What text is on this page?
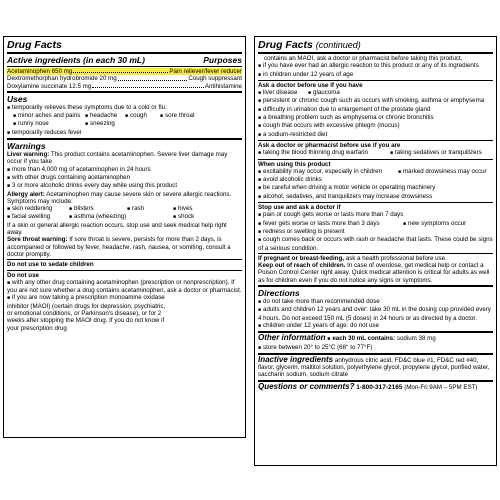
Drug Facts
Active ingredients (in each 30 mL)	Purposes
Acetaminophen 650 mg	Pain reliever/fever reducer
Dextromethorphan hydrobromide 20 mg	Cough suppressant
Doxylamine succinate 12.5 mg	Antihistamine
Uses
■ temporarily relieves these symptoms due to a cold or flu:
■ minor aches and pains	■ headache	■ cough	■ sore throat
■ runny nose	■ sneezing
■ temporarily reduces fever
Warnings
Liver warning: This product contains acetaminophen. Severe liver damage may occur if you take
■ more than 4,000 mg of acetaminophen in 24 hours
■ with other drugs containing acetaminophen
■ 3 or more alcoholic drinks every day while using this product
Allergy alert: Acetaminophen may cause severe skin or severe allergic reactions. Symptoms may include:
■ skin reddening	■ blisters	■ rash	■ hives
■ facial swelling	■ asthma (wheezing)	■ shock
If a skin or general allergic reaction occurs, stop use and seek medical help right away.
Sore throat warning: If sore throat is severe, persists for more than 2 days, is accompanied or followed by fever, headache, rash, nausea, or vomiting, consult a doctor promptly.
Do not use to sedate children
Do not use
■ with any other drug containing acetaminophen (prescription or nonprescription). If you are not sure whether a drug contains acetaminophen, ask a doctor or pharmacist.
■ if you are now taking a prescription monoamine oxidase inhibitor (MAOI) (certain drugs for depression, psychiatric, or emotional conditions, or Parkinson's disease), or for 2 weeks after stopping the MAOI drug. If you do not know if your prescription drug
Drug Facts (continued)
contains an MAOI, ask a doctor or pharmacist before taking this product.
■ if you have ever had an allergic reaction to this product or any of its ingredients
■ in children under 12 years of age
Ask a doctor before use if you have
■ liver disease	■ glaucoma
■ persistent or chronic cough such as occurs with smoking, asthma or emphysema
■ difficulty in urination due to enlargement of the prostate gland
■ a breathing problem such as emphysema or chronic bronchitis
■ cough that occurs with excessive phlegm (mucus)
■ a sodium-restricted diet
Ask a doctor or pharmacist before use if you are
■ taking the blood thinning drug warfarin	■ taking sedatives or tranquilizers
When using this product
■ excitability may occur, especially in children	■ marked drowsiness may occur
■ avoid alcoholic drinks
■ be careful when driving a motor vehicle or operating machinery
■ alcohol, sedatives, and tranquilizers may increase drowsiness
Stop use and ask a doctor if
■ pain or cough gets worse or lasts more than 7 days
■ fever gets worse or lasts more than 3 days	■ new symptoms occur
■ redness or swelling is present
■ cough comes back or occurs with rash or headache that lasts. These could be signs of a serious condition.
If pregnant or breast-feeding, ask a health professional before use.
Keep out of reach of children. In case of overdose, get medical help or contact a Poison Control Center right away. Quick medical attention is critical for adults as well as for children even if you do not notice any signs or symptoms.
Directions
■ do not take more than recommended dose
■ adults and children 12 years and over: take 30 mL in the dosing cup provided every 4 hours. Do not exceed 150 mL (5 doses) in 24 hours or as directed by a doctor.
■ children under 12 years of age: do not use
Other information ■ each 30 mL contains: sodium 38 mg
■ store between 20° to 25°C (68° to 77°F)
Inactive ingredients anhydrous citric acid, FD&C blue #1, FD&C red #40, flavor, glycerin, maltitol solution, polyethylene glycol, propylene glycol, purified water, saccharin sodium, sodium citrate
Questions or comments? 1-800-317-2165 (Mon-Fri 9AM – 5PM EST)
